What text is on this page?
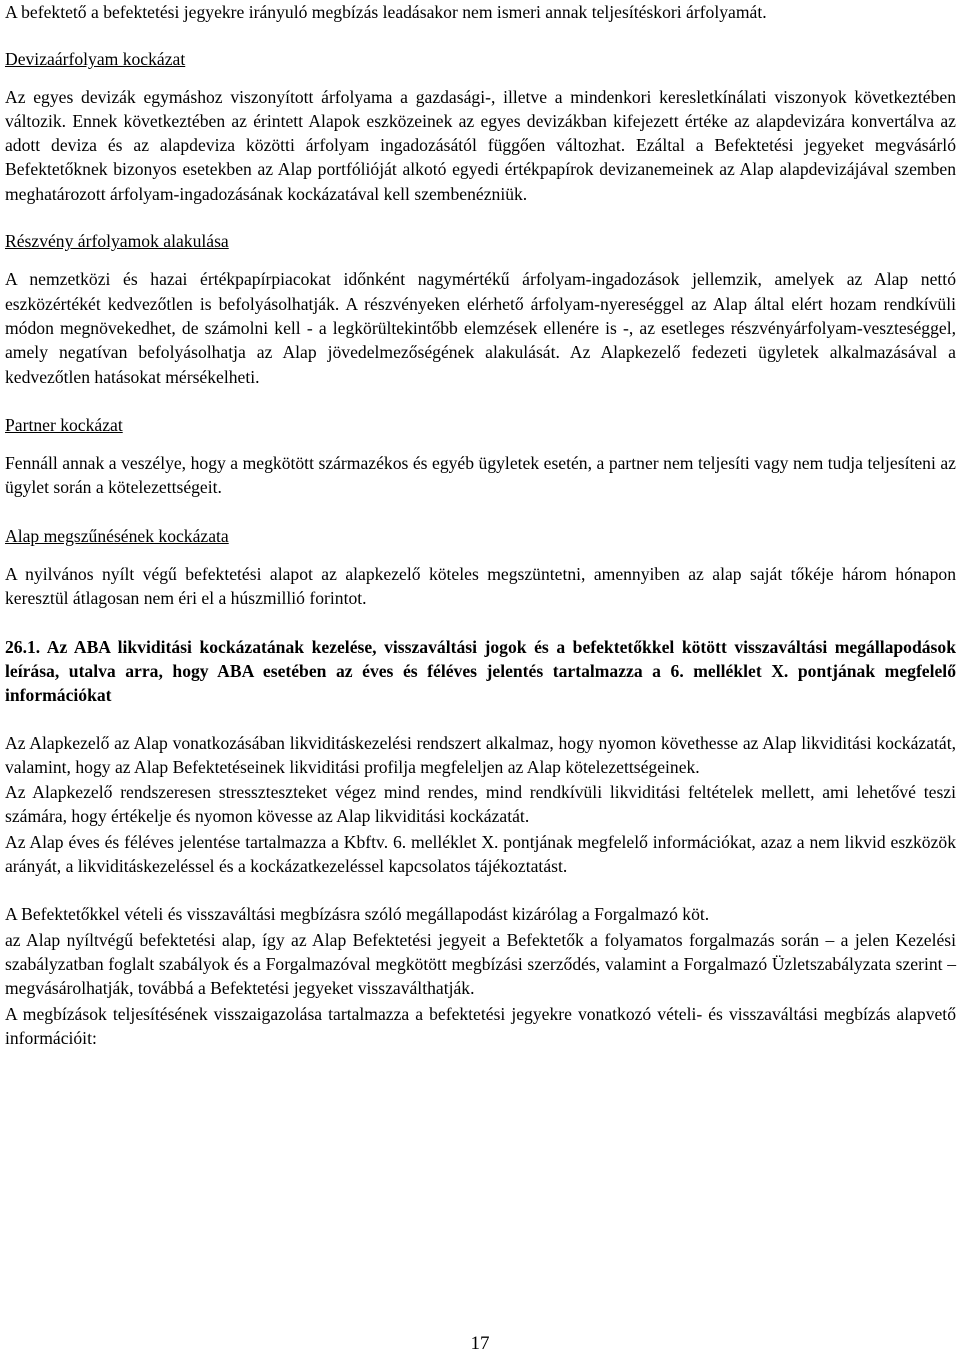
A befektető a befektetési jegyekre irányuló megbízás leadásakor nem ismeri annak teljesítéskori árfolyamát.

Devizaárfolyam kockázat

Az egyes devizák egymáshoz viszonyított árfolyama a gazdasági-, illetve a mindenkori keresletkínálati viszonyok következtében változik. Ennek következtében az érintett Alapok eszközeinek az egyes devizákban kifejezett értéke az alapdevizára konvertálva az adott deviza és az alapdeviza közötti árfolyam ingadozásától függően változhat. Ezáltal a Befektetési jegyeket megvásárló Befektetőknek bizonyos esetekben az Alap portfólióját alkotó egyedi értékpapírok devizanemeinek az Alap alapdevizájával szemben meghatározott árfolyam-ingadozásának kockázatával kell szembenézniük.

Részvény árfolyamok alakulása

A nemzetközi és hazai értékpapírpiacokat időnként nagymértékű árfolyam-ingadozások jellemzik, amelyek az Alap nettó eszközértékét kedvezőtlen is befolyásolhatják. A részvényeken elérhető árfolyam-nyereséggel az Alap által elért hozam rendkívüli módon megnövekedhet, de számolni kell - a legkörültekintőbb elemzések ellenére is -, az esetleges részvényárfolyam-veszteséggel, amely negatívan befolyásolhatja az Alap jövedelmezőségének alakulását. Az Alapkezelő fedezeti ügyletek alkalmazásával a kedvezőtlen hatásokat mérsékelheti.

Partner kockázat

Fennáll annak a veszélye, hogy a megkötött származékos és egyéb ügyletek esetén, a partner nem teljesíti vagy nem tudja teljesíteni az ügylet során a kötelezettségeit.

Alap megszűnésének kockázata

A nyilvános nyílt végű befektetési alapot az alapkezelő köteles megszüntetni, amennyiben az alap saját tőkéje három hónapon keresztül átlagosan nem éri el a húszmillió forintot.

26.1. Az ABA likviditási kockázatának kezelése, visszaváltási jogok és a befektetőkkel kötött visszaváltási megállapodások leírása, utalva arra, hogy ABA esetében az éves és féléves jelentés tartalmazza a 6. melléklet X. pontjának megfelelő információkat

Az Alapkezelő az Alap vonatkozásában likviditáskezelési rendszert alkalmaz, hogy nyomon követhesse az Alap likviditási kockázatát, valamint, hogy az Alap Befektetéseinek likviditási profilja megfeleljen az Alap kötelezettségeinek.

Az Alapkezelő rendszeresen stresszteszteket végez mind rendes, mind rendkívüli likviditási feltételek mellett, ami lehetővé teszi számára, hogy értékelje és nyomon kövesse az Alap likviditási kockázatát.

Az Alap éves és féléves jelentése tartalmazza a Kbftv. 6. melléklet X. pontjának megfelelő információkat, azaz a nem likvid eszközök arányát, a likviditáskezeléssel és a kockázatkezeléssel kapcsolatos tájékoztatást.

A Befektetőkkel vételi és visszaváltási megbízásra szóló megállapodást kizárólag a Forgalmazó köt.

az Alap nyíltvégű befektetési alap, így az Alap Befektetési jegyeit a Befektetők a folyamatos forgalmazás során – a jelen Kezelési szabályzatban foglalt szabályok és a Forgalmazóval megkötött megbízási szerződés, valamint a Forgalmazó Üzletszabályzata szerint – megvásárolhatják, továbbá a Befektetési jegyeket visszaválthatják.

A megbízások teljesítésének visszaigazolása tartalmazza a befektetési jegyekre vonatkozó vételi- és visszaváltási megbízás alapvető információit:

17
